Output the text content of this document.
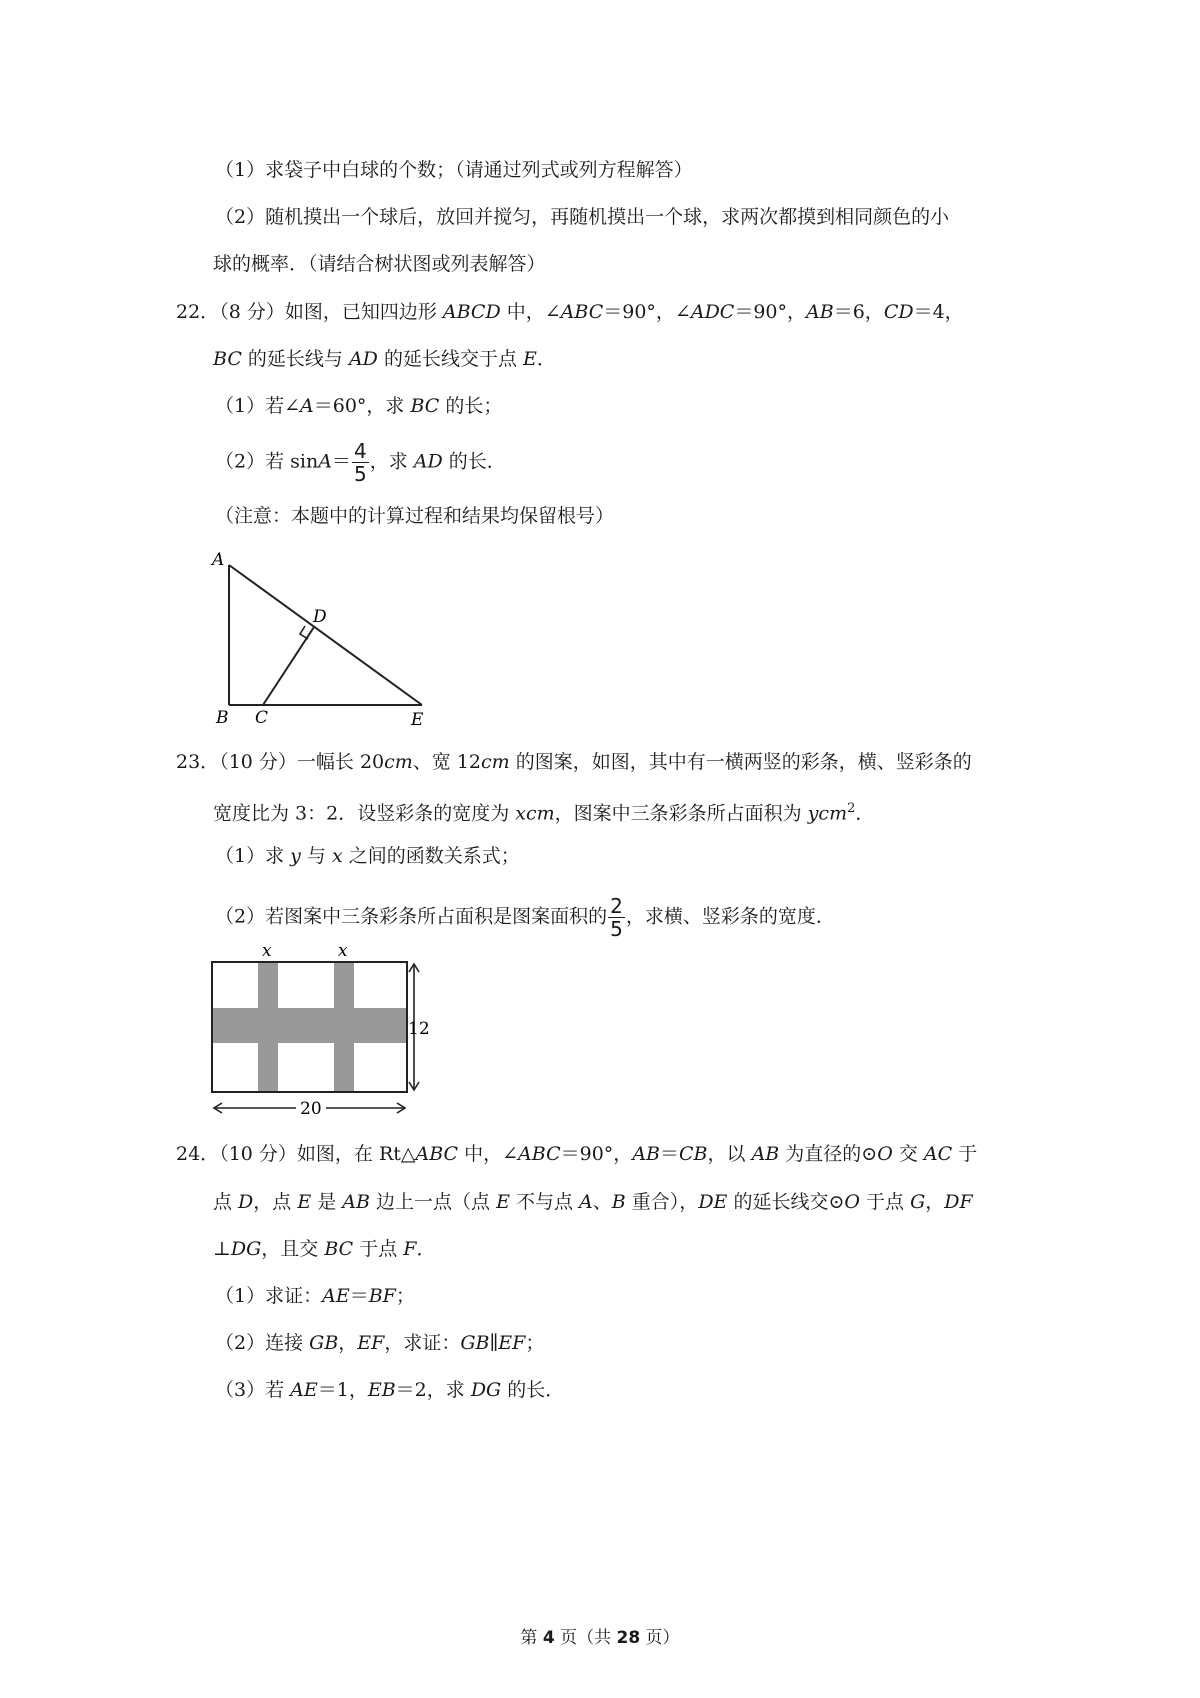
（1）求袋子中白球的个数；（请通过列式或列方程解答）
（2）随机摸出一个球后，放回并搅匀，再随机摸出一个球，求两次都摸到相同颜色的小
球的概率．（请结合树状图或列表解答）
22．（8 分）如图，已知四边形 ABCD 中，∠ABC＝90°，∠ADC＝90°，AB＝6，CD＝4，
BC 的延长线与 AD 的延长线交于点 E．
（1）若∠A＝60°，求 BC 的长；
（2）若 $\sin A= \frac{4}{5}$ ，求 AD 的长．
（注意：本题中的计算过程和结果均保留根号）
A
B C
D
E
23．（10 分）一幅长 20cm、宽 12cm 的图案，如图，其中有一横两竖的彩条，横、竖彩条的
宽度比为 3：2．设竖彩条的宽度为 xcm，图案中三条彩条所占面积为 ycm$^2$．
（1）求 y 与 x 之间的函数关系式；
（2）若图案中三条彩条所占面积是图案面积的 $\frac{2}{5}$ ，求横、竖彩条的宽度．
x	x
12
20
24．（10 分）如图，在 Rt△ABC 中，∠ABC＝90°，AB＝CB，以 AB 为直径的⊙O 交 AC 于
点 D，点 E 是 AB 边上一点（点 E 不与点 A、B 重合），DE 的延长线交⊙O 于点 G，DF
⊥DG，且交 BC 于点 F．
（1）求证：AE＝BF；
（2）连接 GB，EF，求证：GB∥EF；
（3）若 AE＝1，EB＝2，求 DG 的长．
第 4 页（共 28 页）
